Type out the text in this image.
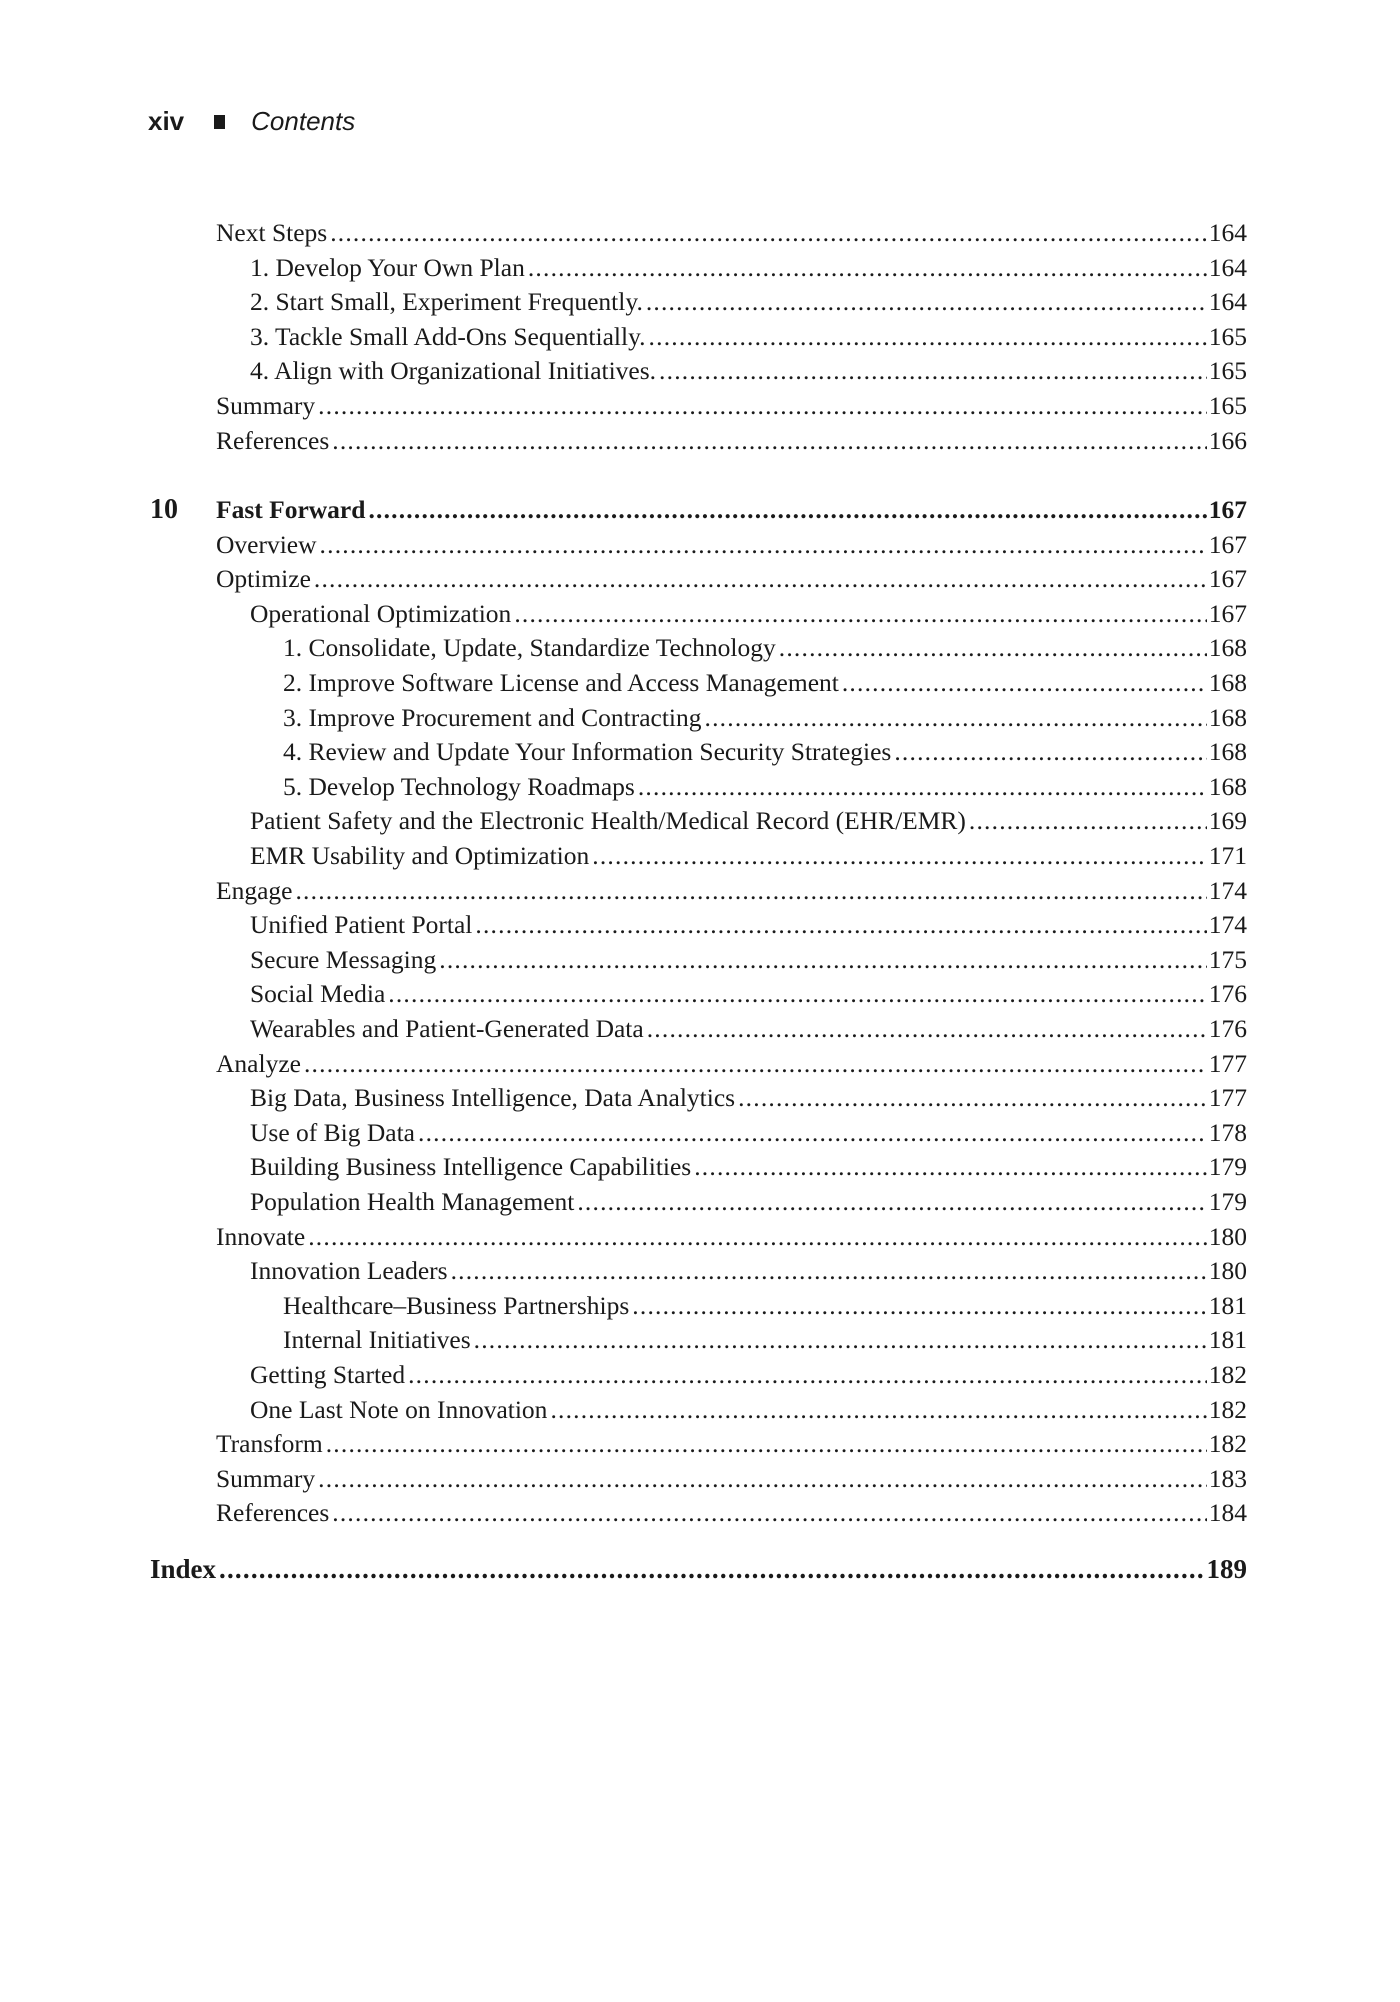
xiv	Contents
Next Steps .....	164
1. Develop Your Own Plan .....	164
2. Start Small, Experiment Frequently. .....	164
3. Tackle Small Add-Ons Sequentially. .....	165
4. Align with Organizational Initiatives. .....	165
Summary .....	165
References .....	166
10 Fast Forward .....	167
Overview .....	167
Optimize .....	167
Operational Optimization .....	167
1. Consolidate, Update, Standardize Technology .....	168
2. Improve Software License and Access Management .....	168
3. Improve Procurement and Contracting .....	168
4. Review and Update Your Information Security Strategies .....	168
5. Develop Technology Roadmaps .....	168
Patient Safety and the Electronic Health/Medical Record (EHR/EMR) .....	169
EMR Usability and Optimization .....	171
Engage .....	174
Unified Patient Portal .....	174
Secure Messaging .....	175
Social Media .....	176
Wearables and Patient-Generated Data .....	176
Analyze .....	177
Big Data, Business Intelligence, Data Analytics .....	177
Use of Big Data .....	178
Building Business Intelligence Capabilities .....	179
Population Health Management .....	179
Innovate .....	180
Innovation Leaders .....	180
Healthcare–Business Partnerships .....	181
Internal Initiatives .....	181
Getting Started .....	182
One Last Note on Innovation .....	182
Transform .....	182
Summary .....	183
References .....	184
Index .....	189
